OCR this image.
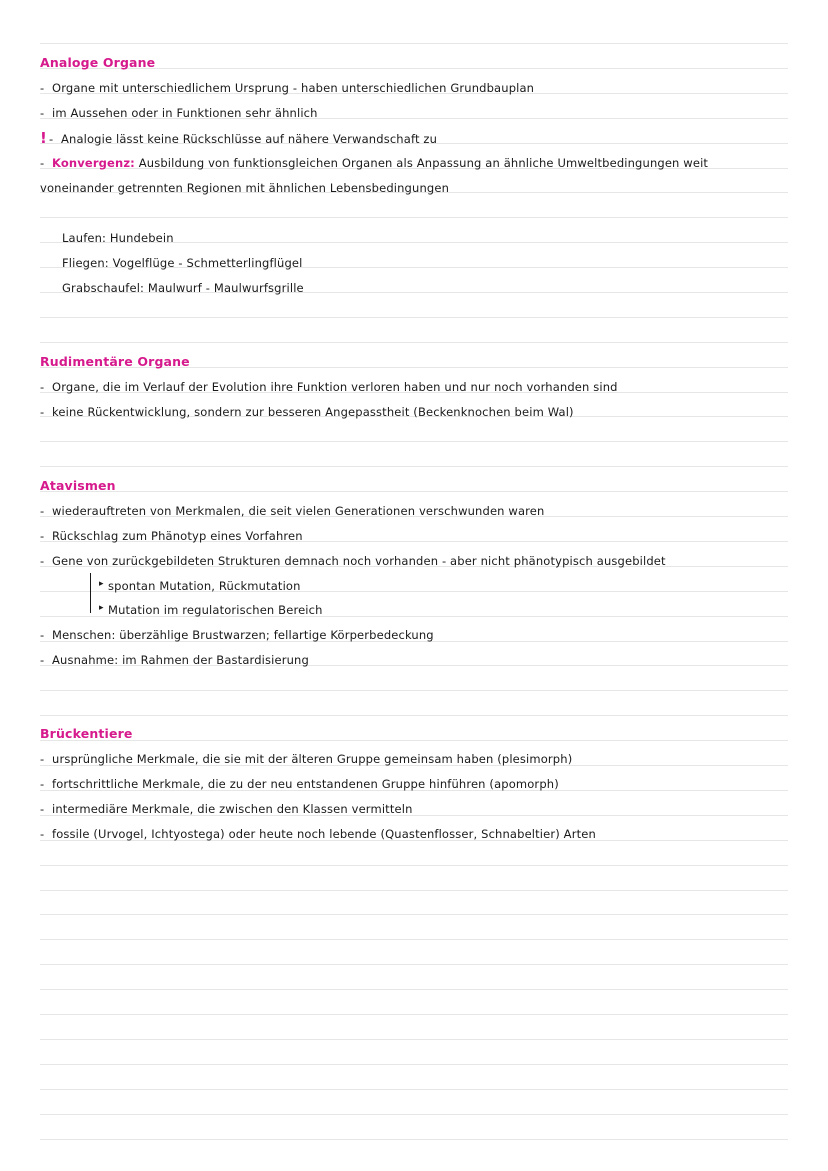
Analoge Organe
- Organe mit unterschiedlichem Ursprung - haben unterschiedlichen Grundbauplan
- im Aussehen oder in Funktionen sehr ähnlich
! - Analogie lässt keine Rückschlüsse auf nähere Verwandschaft zu
- Konvergenz: Ausbildung von funktionsgleichen Organen als Anpassung an ähnliche Umweltbedingungen weit
voneinander getrennten Regionen mit ähnlichen Lebensbedingungen
Laufen: Hundebein
Fliegen: Vogelflüge - Schmetterlingflügel
Grabschaufel: Maulwurf - Maulwurfsgrille
Rudimentäre Organe
- Organe, die im Verlauf der Evolution ihre Funktion verloren haben und nur noch vorhanden sind
- keine Rückentwicklung, sondern zur besseren Angepasstheit (Beckenknochen beim Wal)
Atavismen
- wiederauftreten von Merkmalen, die seit vielen Generationen verschwunden waren
- Rückschlag zum Phänotyp eines Vorfahren
- Gene von zurückgebildeten Strukturen demnach noch vorhanden - aber nicht phänotypisch ausgebildet
▸
▸
spontan Mutation, Rückmutation
Mutation im regulatorischen Bereich
- Menschen: überzählige Brustwarzen; fellartige Körperbedeckung
- Ausnahme: im Rahmen der Bastardisierung
Brückentiere
- ursprüngliche Merkmale, die sie mit der älteren Gruppe gemeinsam haben (plesimorph)
- fortschrittliche Merkmale, die zu der neu entstandenen Gruppe hinführen (apomorph)
- intermediäre Merkmale, die zwischen den Klassen vermitteln
- fossile (Urvogel, Ichtyostega) oder heute noch lebende (Quastenflosser, Schnabeltier) Arten
